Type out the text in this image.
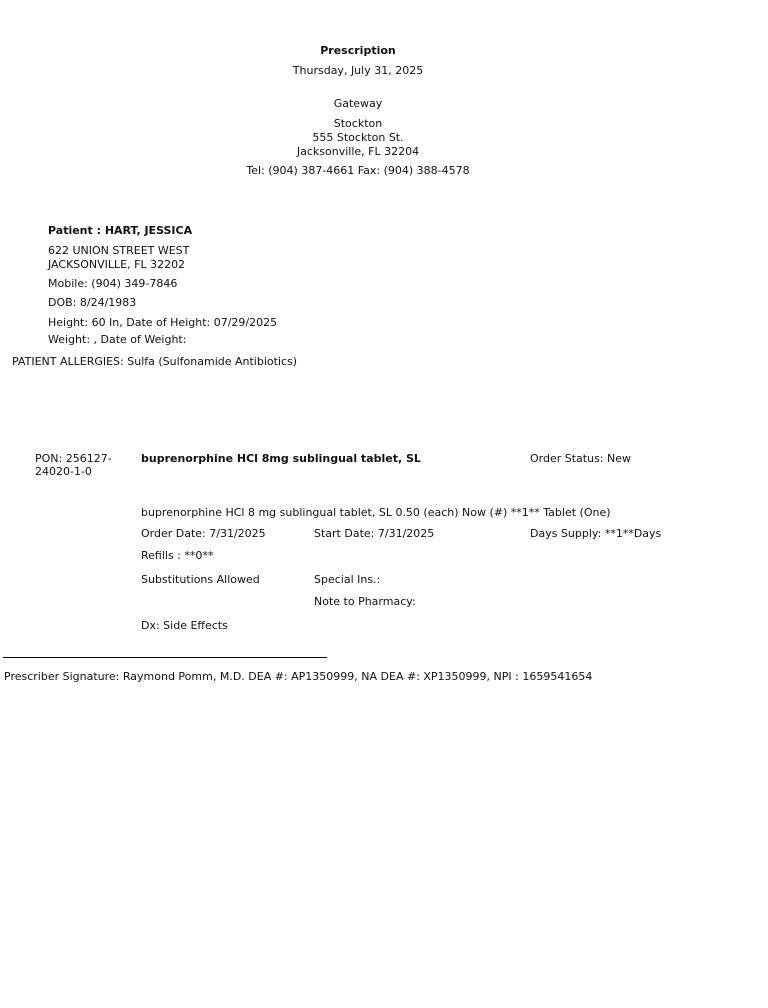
Prescription
Thursday, July 31, 2025
Gateway
Stockton
555 Stockton St.
Jacksonville, FL 32204
Tel: (904) 387-4661 Fax: (904) 388-4578
Patient : HART, JESSICA
622 UNION STREET WEST
JACKSONVILLE, FL 32202
Mobile: (904) 349-7846
DOB: 8/24/1983
Height: 60 In, Date of Height: 07/29/2025
Weight: , Date of Weight:
PATIENT ALLERGIES: Sulfa (Sulfonamide Antibiotics)
PON: 256127-24020-1-0
buprenorphine HCl 8mg sublingual tablet, SL	Order Status: New
buprenorphine HCl 8 mg sublingual tablet, SL 0.50 (each) Now (#) **1** Tablet (One)
Order Date: 7/31/2025	Start Date: 7/31/2025	Days Supply: **1**Days
Refills : **0**
Substitutions Allowed	Special Ins.:
Note to Pharmacy:
Dx: Side Effects
Prescriber Signature: Raymond Pomm, M.D. DEA #: AP1350999, NA DEA #: XP1350999, NPI : 1659541654
